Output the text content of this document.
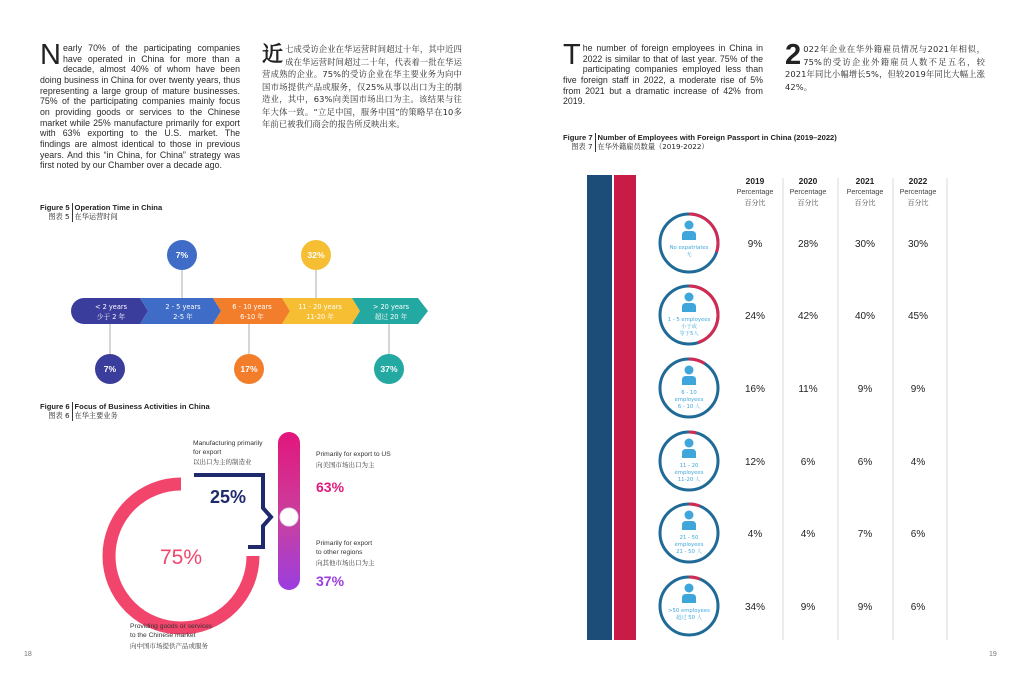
Nearly 70% of the participating companies have operated in China for more than a decade, almost 40% of whom have been doing business in China for over twenty years, thus representing a large group of mature businesses. 75% of the participating companies mainly focus on providing goods or services to the Chinese market while 25% manufacture primarily for export with 63% exporting to the U.S. market. The findings are almost identical to those in previous years. And this “in China, for China” strategy was first noted by our Chamber over a decade ago.
近七成受访企业在华运营时间超过十年，其中近四成在华运营时间超过二十年，代表着一批在华运营成熟的企业。75%的受访企业在华主要业务为向中国市场提供产品或服务，仅25%从事以出口为主的制造业，其中，63%向美国市场出口为主。该结果与往年大体一致。“立足中国，服务中国”的策略早在10多年前已被我们商会的报告所反映出来。
Figure 5
图表 5
Operation Time in China
在华运营时间
< 2 years
少于 2 年
2 - 5 years
2-5 年
6 - 10 years
6-10 年
11 - 20 years
11-20 年
> 20 years
超过 20 年
7%
7%
17%
32%
37%
Figure 6
图表 6
Focus of Business Activities in China
在华主要业务
75%
25%
Manufacturing primarily
for export
以出口为主的制造业
Providing goods or services
to the Chinese market
向中国市场提供产品或服务
Primarily for export to US
向美国市场出口为主
63%
Primarily for export
to other regions
向其他市场出口为主
37%
18
The number of foreign employees in China in 2022 is similar to that of last year. 75% of the participating companies employed less than five foreign staff in 2022, a moderate rise of 5% from 2021 but a dramatic increase of 42% from 2019.
2 022年企业在华外籍雇员情况与2021年相似，75%的受访企业外籍雇员人数不足五名，较2021年同比小幅增长5%，但较2019年同比大幅上涨42%。
Figure 7
图表 7
Number of Employees with Foreign Passport in China (2019–2022)
在华外籍雇员数量（2019-2022）
2019
Percentage
百分比
2020
Percentage
百分比
2021
Percentage
百分比
2022
Percentage
百分比
No expatriates
无
9%	28%	30%	30%
1 - 5 employees
小于或
等于5人
24%	42%	40%	45%
6 - 10
employees
6 - 10 人
16%	11%	9%	9%
11 - 20
employees
11-20 人
12%	6%	6%	4%
21 - 50
employees
21 - 50 人
4%	4%	7%	6%
>50 employees
超过 50 人
34%	9%	9%	6%
19
